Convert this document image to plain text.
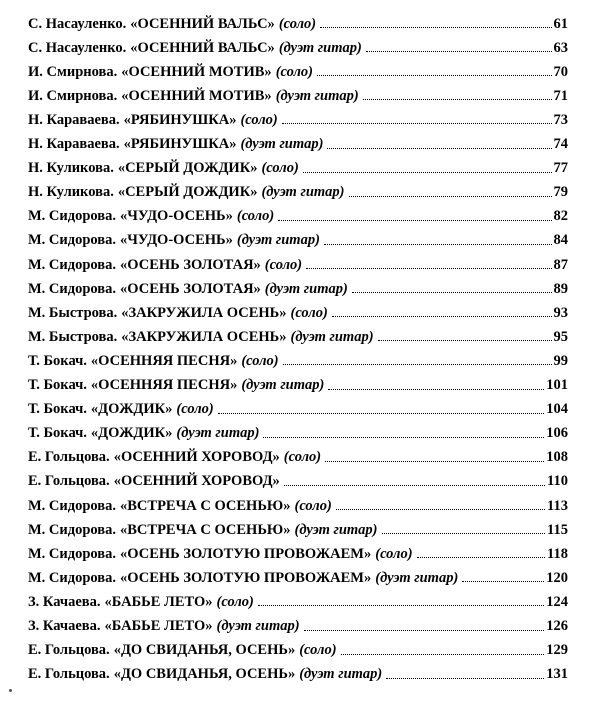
С. Насауленко. «ОСЕННИЙ ВАЛЬС» (соло)	61
С. Насауленко. «ОСЕННИЙ ВАЛЬС» (дуэт гитар)	63
И. Смирнова. «ОСЕННИЙ МОТИВ» (соло)	70
И. Смирнова. «ОСЕННИЙ МОТИВ» (дуэт гитар)	71
Н. Караваева. «РЯБИНУШКА» (соло)	73
Н. Караваева. «РЯБИНУШКА» (дуэт гитар)	74
Н. Куликова. «СЕРЫЙ ДОЖДИК» (соло)	77
Н. Куликова. «СЕРЫЙ ДОЖДИК» (дуэт гитар)	79
М. Сидорова. «ЧУДО-ОСЕНЬ» (соло)	82
М. Сидорова. «ЧУДО-ОСЕНЬ» (дуэт гитар)	84
М. Сидорова. «ОСЕНЬ ЗОЛОТАЯ» (соло)	87
М. Сидорова. «ОСЕНЬ ЗОЛОТАЯ» (дуэт гитар)	89
М. Быстрова. «ЗАКРУЖИЛА ОСЕНЬ» (соло)	93
М. Быстрова. «ЗАКРУЖИЛА ОСЕНЬ» (дуэт гитар)	95
Т. Бокач. «ОСЕННЯЯ ПЕСНЯ» (соло)	99
Т. Бокач. «ОСЕННЯЯ ПЕСНЯ» (дуэт гитар)	101
Т. Бокач. «ДОЖДИК» (соло)	104
Т. Бокач. «ДОЖДИК» (дуэт гитар)	106
Е. Гольцова. «ОСЕННИЙ ХОРОВОД» (соло)	108
Е. Гольцова. «ОСЕННИЙ ХОРОВОД»	110
М. Сидорова. «ВСТРЕЧА С ОСЕНЬЮ» (соло)	113
М. Сидорова. «ВСТРЕЧА С ОСЕНЬЮ» (дуэт гитар)	115
М. Сидорова. «ОСЕНЬ ЗОЛОТУЮ ПРОВОЖАЕМ» (соло)	118
М. Сидорова. «ОСЕНЬ ЗОЛОТУЮ ПРОВОЖАЕМ» (дуэт гитар)	120
З. Качаева. «БАБЬЕ ЛЕТО» (соло)	124
З. Качаева. «БАБЬЕ ЛЕТО» (дуэт гитар)	126
Е. Гольцова. «ДО СВИДАНЬЯ, ОСЕНЬ» (соло)	129
Е. Гольцова. «ДО СВИДАНЬЯ, ОСЕНЬ» (дуэт гитар)	131
